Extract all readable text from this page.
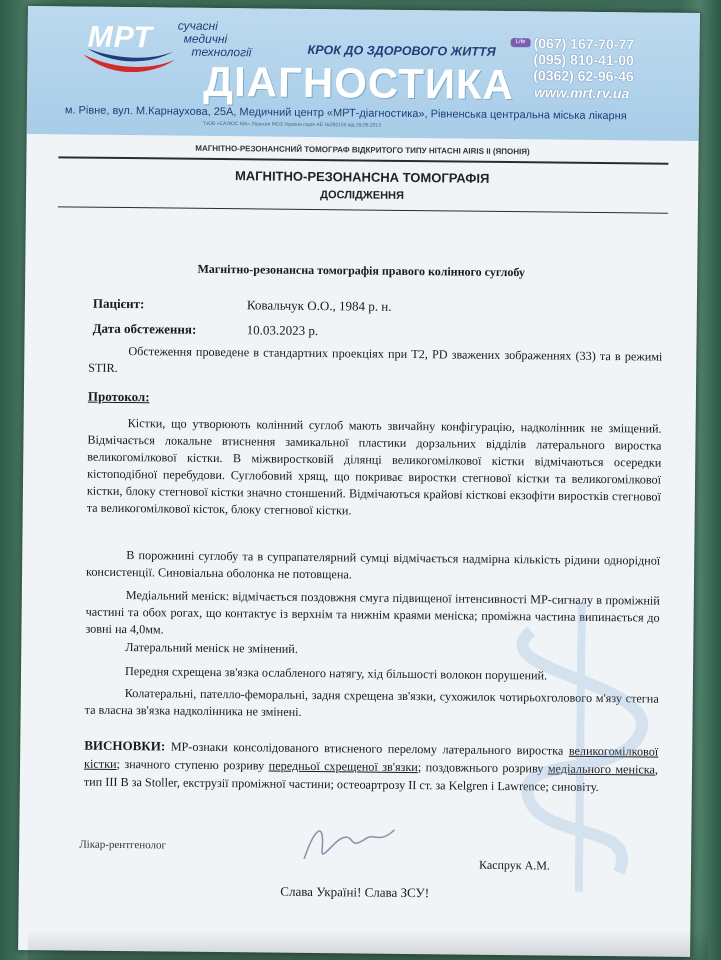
МРТ сучасні
медичні
технології	КРОК ДО ЗДОРОВОГО ЖИТТЯ
ДІАГНОСТИКА
Life (067) 167-70-77
(095) 810-41-00
(0362) 62-96-46
www.mrt.rv.ua
м. Рівне, вул. М.Карнаухова, 25А, Медичний центр «МРТ-діагностика», Рівненська центральна міська лікарня
ТзОВ «САЛЮС МА» Ліцензія МОЗ України серія АЕ №282155 від 29.08.2013
МАГНІТНО-РЕЗОНАНСНИЙ ТОМОГРАФ ВІДКРИТОГО ТИПУ HITACHI AIRIS II (ЯПОНІЯ)
МАГНІТНО-РЕЗОНАНСНА ТОМОГРАФІЯ
ДОСЛІДЖЕННЯ
Магнітно-резонансна томографія правого колінного суглобу
Пацієнт:	Ковальчук О.О., 1984 р. н.
Дата обстеження:	10.03.2023 р.

Обстеження проведене в стандартних проекціях при T2, PD зважених зображеннях (33) та в режимі STIR.

Протокол:

Кістки, що утворюють колінний суглоб мають звичайну конфігурацію, надколінник не зміщений. Відмічається локальне втиснення замикальної пластики дорзальних відділів латерального виростка великогомілкової кістки. В міжвиростковій ділянці великогомілкової кістки відмічаються осередки кістоподібної перебудови. Суглобовий хрящ, що покриває виростки стегнової кістки та великогомілкової кістки, блоку стегнової кістки значно стоншений. Відмічаються крайові кісткові екзофіти виростків стегнової та великогомілкової кісток, блоку стегнової кістки.

В порожнині суглобу та в супрапателярний сумці відмічається надмірна кількість рідини однорідної консистенції. Синовіальна оболонка не потовщена.

Медіальний меніск: відмічається поздовжня смуга підвищеної інтенсивності МР-сигналу в проміжній частині та обох рогах, що контактує із верхнім та нижнім краями меніска; проміжна частина випинається до зовні на 4,0мм.

Латеральний меніск не змінений.

Передня схрещена зв'язка ослабленого натягу, хід більшості волокон порушений.

Колатеральні, пателло-феморальні, задня схрещена зв'язки, сухожилок чотирьохголового м'язу стегна та власна зв'язка надколінника не змінені.

ВИСНОВКИ: МР-ознаки консолідованого втисненого перелому латерального виростка великогомілкової кістки; значного ступеню розриву передньої схрещеної зв'язки; поздовжнього розриву медіального меніска, тип III В за Stoller, екструзії проміжної частини; остеоартрозу II ст. за Kelgren і Lawrence; синовіту.

Лікар-рентгенолог
Каспрук А.М.
Слава Україні! Слава ЗСУ!
